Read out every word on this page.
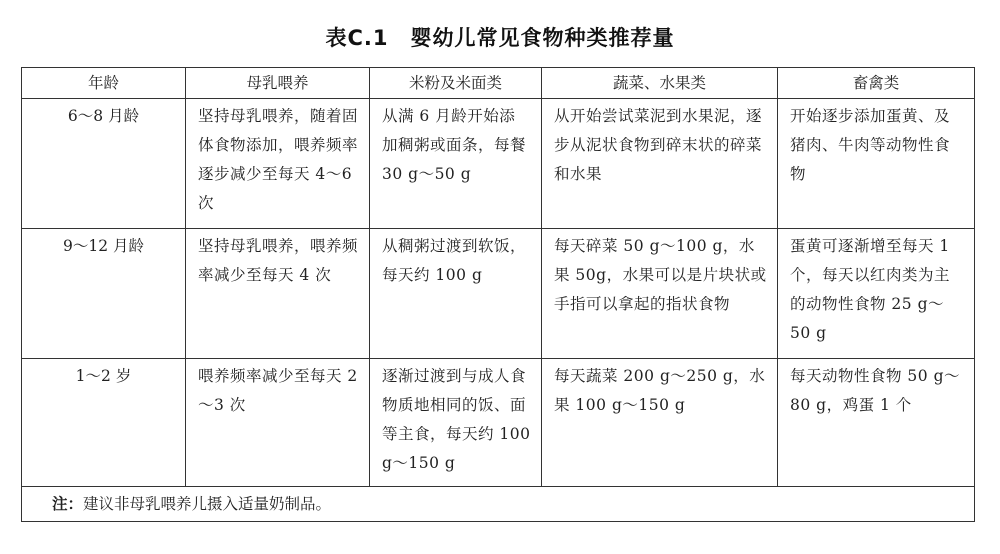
表C.1 婴幼儿常见食物种类推荐量
年龄	母乳喂养	米粉及米面类	蔬菜、水果类	畜禽类
6～8 月龄	坚持母乳喂养，随着固体食物添加，喂养频率逐步减少至每天 4～6 次	从满 6 月龄开始添加稠粥或面条，每餐 30 g～50 g	从开始尝试菜泥到水果泥，逐步从泥状食物到碎末状的碎菜和水果	开始逐步添加蛋黄、及猪肉、牛肉等动物性食物
9～12 月龄	坚持母乳喂养，喂养频率减少至每天 4 次	从稠粥过渡到软饭，每天约 100 g	每天碎菜 50 g～100 g，水果 50g，水果可以是片块状或手指可以拿起的指状食物	蛋黄可逐渐增至每天 1 个，每天以红肉类为主的动物性食物 25 g～50 g
1～2 岁	喂养频率减少至每天 2～3 次	逐渐过渡到与成人食物质地相同的饭、面等主食，每天约 100 g～150 g	每天蔬菜 200 g～250 g，水果 100 g～150 g	每天动物性食物 50 g～80 g，鸡蛋 1 个
注：建议非母乳喂养儿摄入适量奶制品。				
